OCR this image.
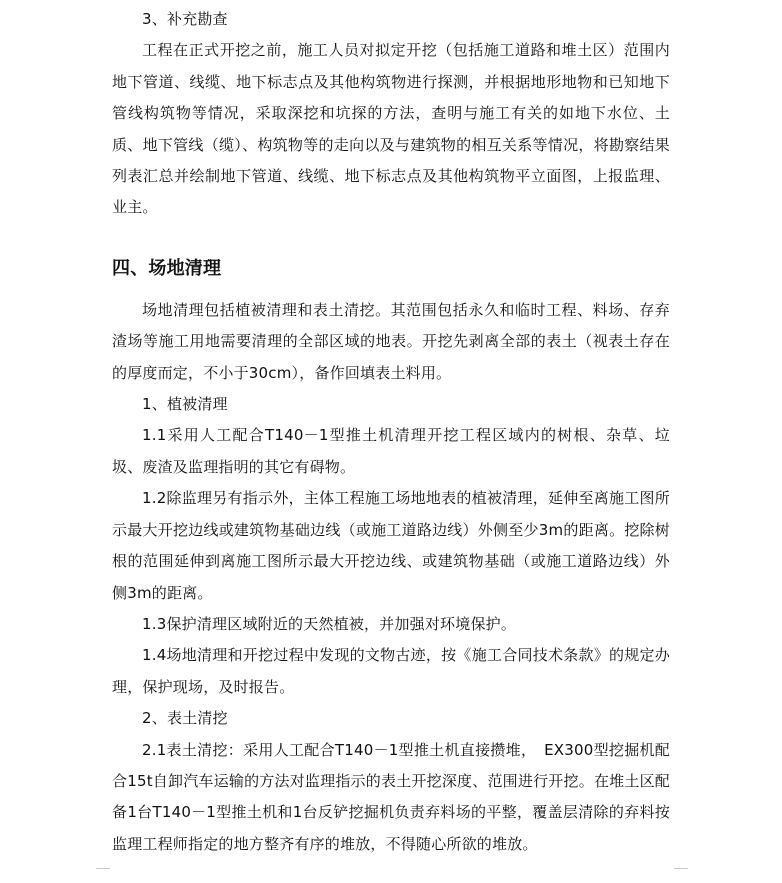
3、补充勘查

工程在正式开挖之前，施工人员对拟定开挖（包括施工道路和堆土区）范围内地下管道、线缆、地下标志点及其他构筑物进行探测，并根据地形地物和已知地下管线构筑物等情况，采取深挖和坑探的方法，查明与施工有关的如地下水位、土质、地下管线（缆）、构筑物等的走向以及与建筑物的相互关系等情况，将勘察结果列表汇总并绘制地下管道、线缆、地下标志点及其他构筑物平立面图，上报监理、业主。

四、场地清理

场地清理包括植被清理和表土清挖。其范围包括永久和临时工程、料场、存弃渣场等施工用地需要清理的全部区域的地表。开挖先剥离全部的表土（视表土存在的厚度而定，不小于30cm），备作回填表土料用。

1、植被清理

1.1采用人工配合T140－1型推土机清理开挖工程区域内的树根、杂草、垃圾、废渣及监理指明的其它有碍物。

1.2除监理另有指示外，主体工程施工场地地表的植被清理，延伸至离施工图所示最大开挖边线或建筑物基础边线（或施工道路边线）外侧至少3m的距离。挖除树根的范围延伸到离施工图所示最大开挖边线、或建筑物基础（或施工道路边线）外侧3m的距离。

1.3保护清理区域附近的天然植被，并加强对环境保护。

1.4场地清理和开挖过程中发现的文物古迹，按《施工合同技术条款》的规定办理，保护现场，及时报告。

2、表土清挖

2.1表土清挖：采用人工配合T140－1型推土机直接攒堆，　EX300型挖掘机配合15t自卸汽车运输的方法对监理指示的表土开挖深度、范围进行开挖。在堆土区配备1台T140－1型推土机和1台反铲挖掘机负责弃料场的平整，覆盖层清除的弃料按监理工程师指定的地方整齐有序的堆放，不得随心所欲的堆放。
